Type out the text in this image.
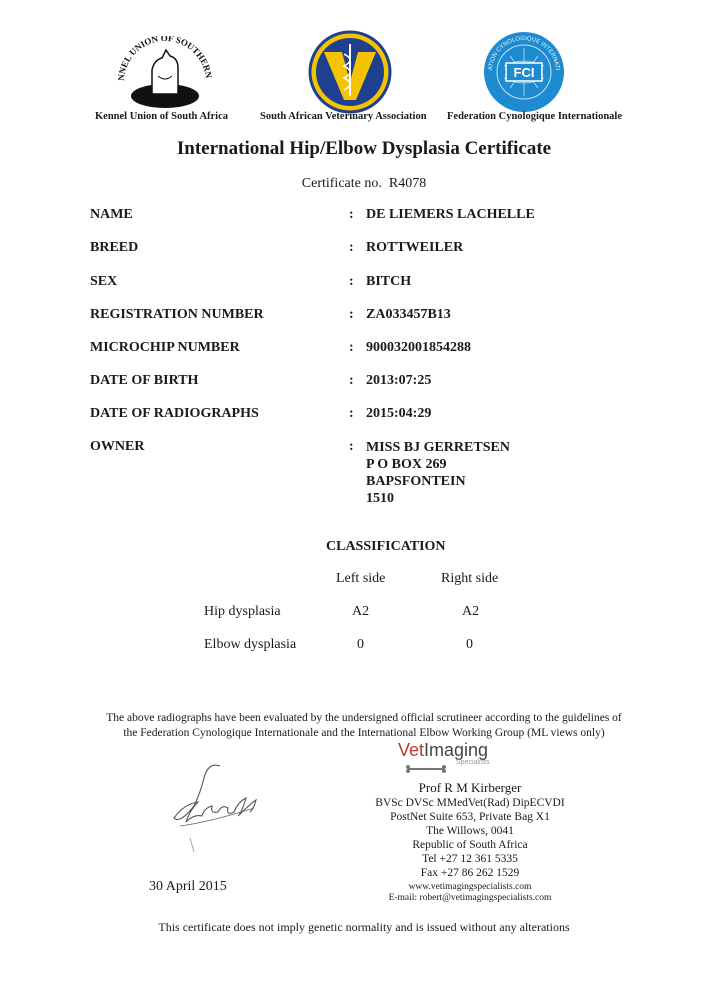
NNEL UNION OF SOUTHERN
Kennel Union of South Africa	South African Veterinary Association
ATION CYNOLOGIQUE INTERNATI
FCI
Federation Cynologique Internationale
International Hip/Elbow Dysplasia Certificate
Certificate no.  R4078
NAME	: DE LIEMERS LACHELLE
BREED	: ROTTWEILER
SEX	: BITCH
REGISTRATION NUMBER	: ZA033457B13
MICROCHIP NUMBER	: 900032001854288
DATE OF BIRTH	: 2013:07:25
DATE OF RADIOGRAPHS	: 2015:04:29
OWNER	: MISS BJ GERRETSEN
P O BOX 269
BAPSFONTEIN
1510
CLASSIFICATION
Left side	Right side
Hip dysplasia	A2	A2
Elbow dysplasia	0	0
The above radiographs have been evaluated by the undersigned official scrutineer according to the guidelines of
the Federation Cynologique Internationale and the International Elbow Working Group (ML views only)
VetImaging
Specialists
30 April 2015
Prof R M Kirberger
BVSc DVSc MMedVet(Rad) DipECVDI
PostNet Suite 653, Private Bag X1
The Willows, 0041
Republic of South Africa
Tel +27 12 361 5335
Fax +27 86 262 1529
www.vetimagingspecialists.com
E-mail: robert@vetimagingspecialists.com
This certificate does not imply genetic normality and is issued without any alterations
